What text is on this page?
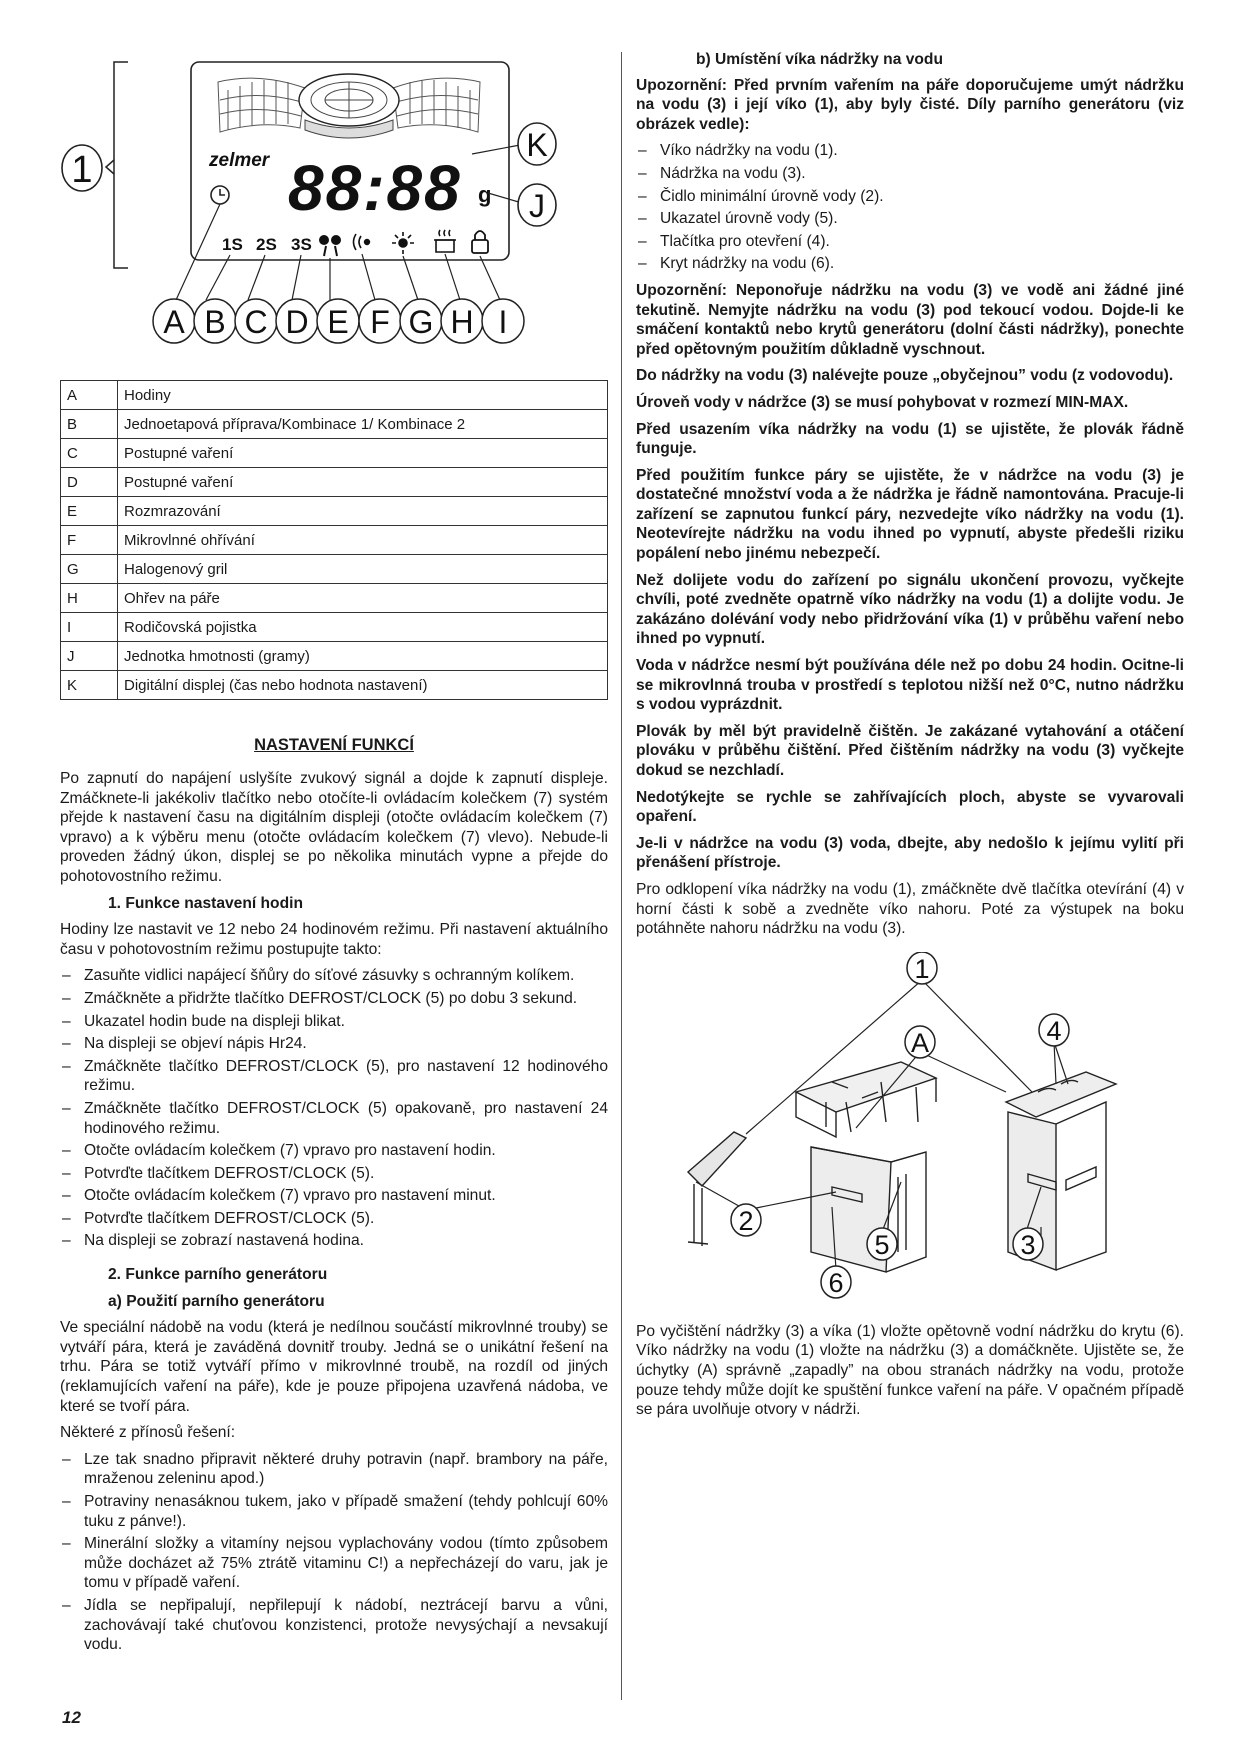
zelmer 88:88 g
1S 2S 3S
1
K
J
A B C D E F G H I
A	Hodiny
B	Jednoetapová příprava/Kombinace 1/ Kombinace 2
C	Postupné vaření
D	Postupné vaření
E	Rozmrazování
F	Mikrovlnné ohřívání
G	Halogenový gril
H	Ohřev na páře
I	Rodičovská pojistka
J	Jednotka hmotnosti (gramy)
K	Digitální displej (čas nebo hodnota nastavení)
NASTAVENÍ FUNKCÍ

Po zapnutí do napájení uslyšíte zvukový signál a dojde k zapnutí displeje. Zmáčknete-li jakékoliv tlačítko nebo otočíte-li ovládacím kolečkem (7) systém přejde k nastavení času na digitálním displeji (otočte ovládacím kolečkem (7) vpravo) a k výběru menu (otočte ovládacím kolečkem (7) vlevo). Nebude-li proveden žádný úkon, displej se po několika minutách vypne a přejde do pohotovostního režimu.

1. Funkce nastavení hodin

Hodiny lze nastavit ve 12 nebo 24 hodinovém režimu. Při nastavení aktuálního času v pohotovostním režimu postupujte takto:

– Zasuňte vidlici napájecí šňůry do síťové zásuvky s ochranným kolíkem.
– Zmáčkněte a přidržte tlačítko DEFROST/CLOCK (5) po dobu 3 sekund.
– Ukazatel hodin bude na displeji blikat.
– Na displeji se objeví nápis Hr24.
– Zmáčkněte tlačítko DEFROST/CLOCK (5), pro nastavení 12 hodinového režimu.
– Zmáčkněte tlačítko DEFROST/CLOCK (5) opakovaně, pro nastavení 24 hodinového režimu.
– Otočte ovládacím kolečkem (7) vpravo pro nastavení hodin.
– Potvrďte tlačítkem DEFROST/CLOCK (5).
– Otočte ovládacím kolečkem (7) vpravo pro nastavení minut.
– Potvrďte tlačítkem DEFROST/CLOCK (5).
– Na displeji se zobrazí nastavená hodina.
2. Funkce parního generátoru
a) Použití parního generátoru

Ve speciální nádobě na vodu (která je nedílnou součástí mikrovlnné trouby) se vytváří pára, která je zaváděná dovnitř trouby. Jedná se o unikátní řešení na trhu. Pára se totiž vytváří přímo v mikrovlnné troubě, na rozdíl od jiných (reklamujících vaření na páře), kde je pouze připojena uzavřená nádoba, ve které se tvoří pára.

Některé z přínosů řešení:

– Lze tak snadno připravit některé druhy potravin (např. brambory na páře, mraženou zeleninu apod.)
– Potraviny nenasáknou tukem, jako v případě smažení (tehdy pohlcují 60% tuku z pánve!).
– Minerální složky a vitamíny nejsou vyplachovány vodou (tímto způsobem může docházet až 75% ztrátě vitaminu C!) a nepřecházejí do varu, jak je tomu v případě vaření.
– Jídla se nepřipalují, nepřilepují k nádobí, neztrácejí barvu a vůni, zachovávají také chuťovou konzistenci, protože nevysýchají a nevsakují vodu.
b) Umístění víka nádržky na vodu

Upozornění: Před prvním vařením na páře doporučujeme umýt nádržku na vodu (3) i její víko (1), aby byly čisté. Díly parního generátoru (viz obrázek vedle):

– Víko nádržky na vodu (1).
– Nádržka na vodu (3).
– Čidlo minimální úrovně vody (2).
– Ukazatel úrovně vody (5).
– Tlačítka pro otevření (4).
– Kryt nádržky na vodu (6).

Upozornění: Neponořuje nádržku na vodu (3) ve vodě ani žádné jiné tekutině. Nemyjte nádržku na vodu (3) pod tekoucí vodou. Dojde-li ke smáčení kontaktů nebo krytů generátoru (dolní části nádržky), ponechte před opětovným použitím důkladně vyschnout.

Do nádržky na vodu (3) nalévejte pouze „obyčejnou” vodu (z vodovodu).

Úroveň vody v nádržce (3) se musí pohybovat v rozmezí MIN-MAX.

Před usazením víka nádržky na vodu (1) se ujistěte, že plovák řádně funguje.

Před použitím funkce páry se ujistěte, že v nádržce na vodu (3) je dostatečné množství voda a že nádržka je řádně namontována. Pracuje-li zařízení se zapnutou funkcí páry, nezvedejte víko nádržky na vodu (1). Neotevírejte nádržku na vodu ihned po vypnutí, abyste předešli riziku popálení nebo jinému nebezpečí.

Než dolijete vodu do zařízení po signálu ukončení provozu, vyčkejte chvíli, poté zvedněte opatrně víko nádržky na vodu (1) a dolijte vodu. Je zakázáno dolévání vody nebo přidržování víka (1) v průběhu vaření nebo ihned po vypnutí.

Voda v nádržce nesmí být používána déle než po dobu 24 hodin. Ocitne-li se mikrovlnná trouba v prostředí s teplotou nižší než 0°C, nutno nádržku s vodou vyprázdnit.

Plovák by měl být pravidelně čištěn. Je zakázané vytahování a otáčení plováku v průběhu čištění. Před čištěním nádržky na vodu (3) vyčkejte dokud se nezchladí.

Nedotýkejte se rychle se zahřívajících ploch, abyste se vyvarovali opaření.

Je-li v nádržce na vodu (3) voda, dbejte, aby nedošlo k jejímu vylití při přenášení přístroje.

Pro odklopení víka nádržky na vodu (1), zmáčkněte dvě tlačítka otevírání (4) v horní části k sobě a zvedněte víko nahoru. Poté za výstupek na boku potáhněte nahoru nádržku na vodu (3).

1
A	4
2
5
6
3

Po vyčištění nádržky (3) a víka (1) vložte opětovně vodní nádržku do krytu (6). Víko nádržky na vodu (1) vložte na nádržku (3) a domáčkněte. Ujistěte se, že úchytky (A) správně „zapadly” na obou stranách nádržky na vodu, protože pouze tehdy může dojít ke spuštění funkce vaření na páře. V opačném případě se pára uvolňuje otvory v nádrži.

12
